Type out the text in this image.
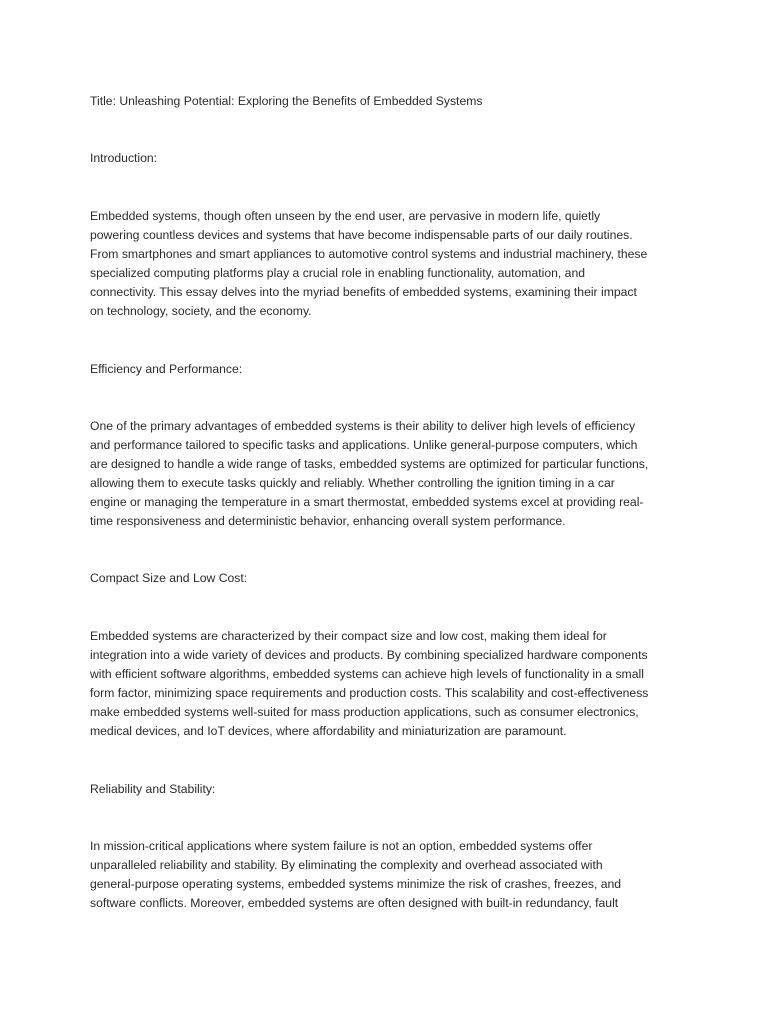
Title: Unleashing Potential: Exploring the Benefits of Embedded Systems
Introduction:
Embedded systems, though often unseen by the end user, are pervasive in modern life, quietly
powering countless devices and systems that have become indispensable parts of our daily routines.
From smartphones and smart appliances to automotive control systems and industrial machinery, these
specialized computing platforms play a crucial role in enabling functionality, automation, and
connectivity. This essay delves into the myriad benefits of embedded systems, examining their impact
on technology, society, and the economy.
Efficiency and Performance:
One of the primary advantages of embedded systems is their ability to deliver high levels of efficiency
and performance tailored to specific tasks and applications. Unlike general-purpose computers, which
are designed to handle a wide range of tasks, embedded systems are optimized for particular functions,
allowing them to execute tasks quickly and reliably. Whether controlling the ignition timing in a car
engine or managing the temperature in a smart thermostat, embedded systems excel at providing real-
time responsiveness and deterministic behavior, enhancing overall system performance.
Compact Size and Low Cost:
Embedded systems are characterized by their compact size and low cost, making them ideal for
integration into a wide variety of devices and products. By combining specialized hardware components
with efficient software algorithms, embedded systems can achieve high levels of functionality in a small
form factor, minimizing space requirements and production costs. This scalability and cost-effectiveness
make embedded systems well-suited for mass production applications, such as consumer electronics,
medical devices, and IoT devices, where affordability and miniaturization are paramount.
Reliability and Stability:
In mission-critical applications where system failure is not an option, embedded systems offer
unparalleled reliability and stability. By eliminating the complexity and overhead associated with
general-purpose operating systems, embedded systems minimize the risk of crashes, freezes, and
software conflicts. Moreover, embedded systems are often designed with built-in redundancy, fault
